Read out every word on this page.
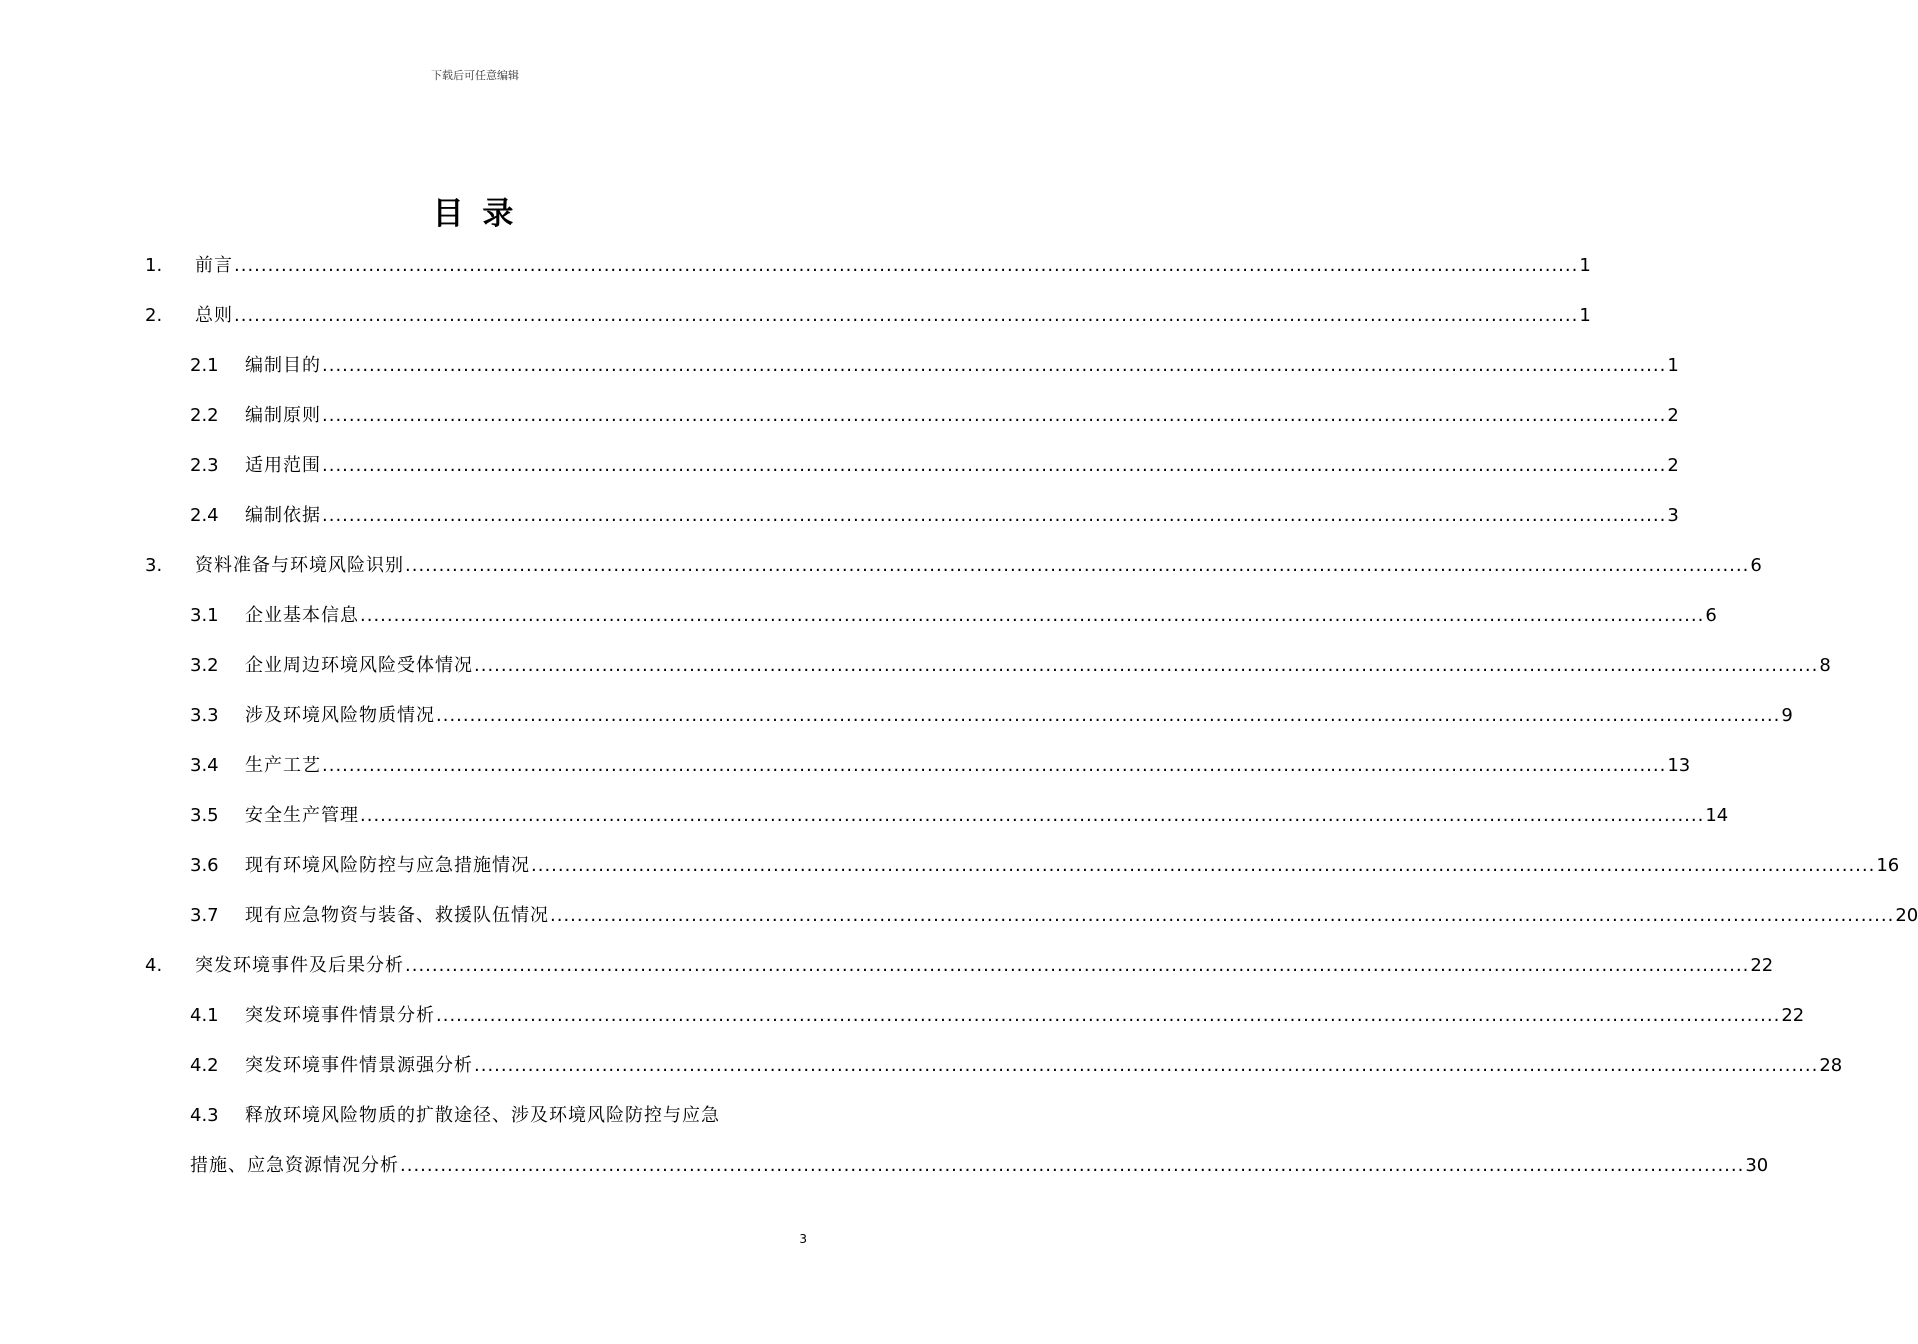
下载后可任意编辑
目 录
1. 前言 ........................................................................................................................................................................................................ 1
2. 总则 ........................................................................................................................................................................................................ 1
2.1 编制目的 ........................................................................................................................................................................................................ 1
2.2 编制原则 ........................................................................................................................................................................................................ 2
2.3 适用范围 ........................................................................................................................................................................................................ 2
2.4 编制依据 ........................................................................................................................................................................................................ 3
3. 资料准备与环境风险识别 ........................................................................................................................................................................................................ 6
3.1 企业基本信息 ........................................................................................................................................................................................................ 6
3.2 企业周边环境风险受体情况 ........................................................................................................................................................................................................ 8
3.3 涉及环境风险物质情况 ........................................................................................................................................................................................................ 9
3.4 生产工艺 ........................................................................................................................................................................................................ 13
3.5 安全生产管理 ........................................................................................................................................................................................................ 14
3.6 现有环境风险防控与应急措施情况 ........................................................................................................................................................................................................ 16
3.7 现有应急物资与装备、救援队伍情况 ........................................................................................................................................................................................................ 20
4. 突发环境事件及后果分析 ........................................................................................................................................................................................................ 22
4.1 突发环境事件情景分析 ........................................................................................................................................................................................................ 22
4.2 突发环境事件情景源强分析 ........................................................................................................................................................................................................ 28
4.3 释放环境风险物质的扩散途径、涉及环境风险防控与应急
措施、应急资源情况分析 ........................................................................................................................................................................................................ 30
3
